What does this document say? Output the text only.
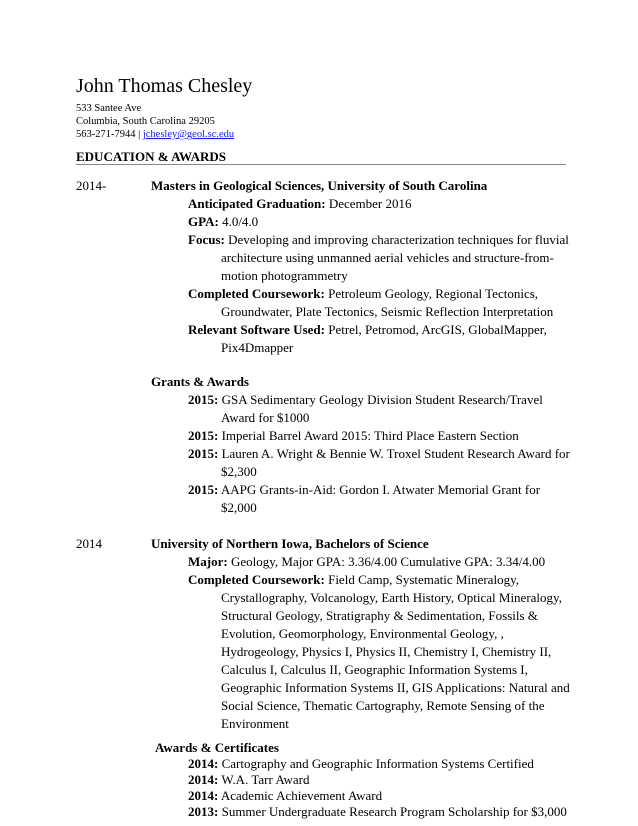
John Thomas Chesley
533 Santee Ave
Columbia, South Carolina 29205
563-271-7944 | jchesley@geol.sc.edu
EDUCATION & AWARDS
2014-	Masters in Geological Sciences, University of South Carolina
Anticipated Graduation: December 2016
GPA: 4.0/4.0
Focus: Developing and improving characterization techniques for fluvial
architecture using unmanned aerial vehicles and structure-from-
motion photogrammetry
Completed Coursework: Petroleum Geology, Regional Tectonics,
Groundwater, Plate Tectonics, Seismic Reflection Interpretation
Relevant Software Used: Petrel, Petromod, ArcGIS, GlobalMapper,
Pix4Dmapper
Grants & Awards
2015: GSA Sedimentary Geology Division Student Research/Travel
Award for $1000
2015: Imperial Barrel Award 2015: Third Place Eastern Section
2015: Lauren A. Wright & Bennie W. Troxel Student Research Award for
$2,300
2015: AAPG Grants-in-Aid: Gordon I. Atwater Memorial Grant for
$2,000
2014	University of Northern Iowa, Bachelors of Science
Major: Geology, Major GPA: 3.36/4.00 Cumulative GPA: 3.34/4.00
Completed Coursework: Field Camp, Systematic Mineralogy,
Crystallography, Volcanology, Earth History, Optical Mineralogy,
Structural Geology, Stratigraphy & Sedimentation, Fossils &
Evolution, Geomorphology, Environmental Geology, ,
Hydrogeology, Physics I, Physics II, Chemistry I, Chemistry II,
Calculus I, Calculus II, Geographic Information Systems I,
Geographic Information Systems II, GIS Applications: Natural and
Social Science, Thematic Cartography, Remote Sensing of the
Environment
Awards & Certificates
2014: Cartography and Geographic Information Systems Certified
2014: W.A. Tarr Award
2014: Academic Achievement Award
2013: Summer Undergraduate Research Program Scholarship for $3,000
